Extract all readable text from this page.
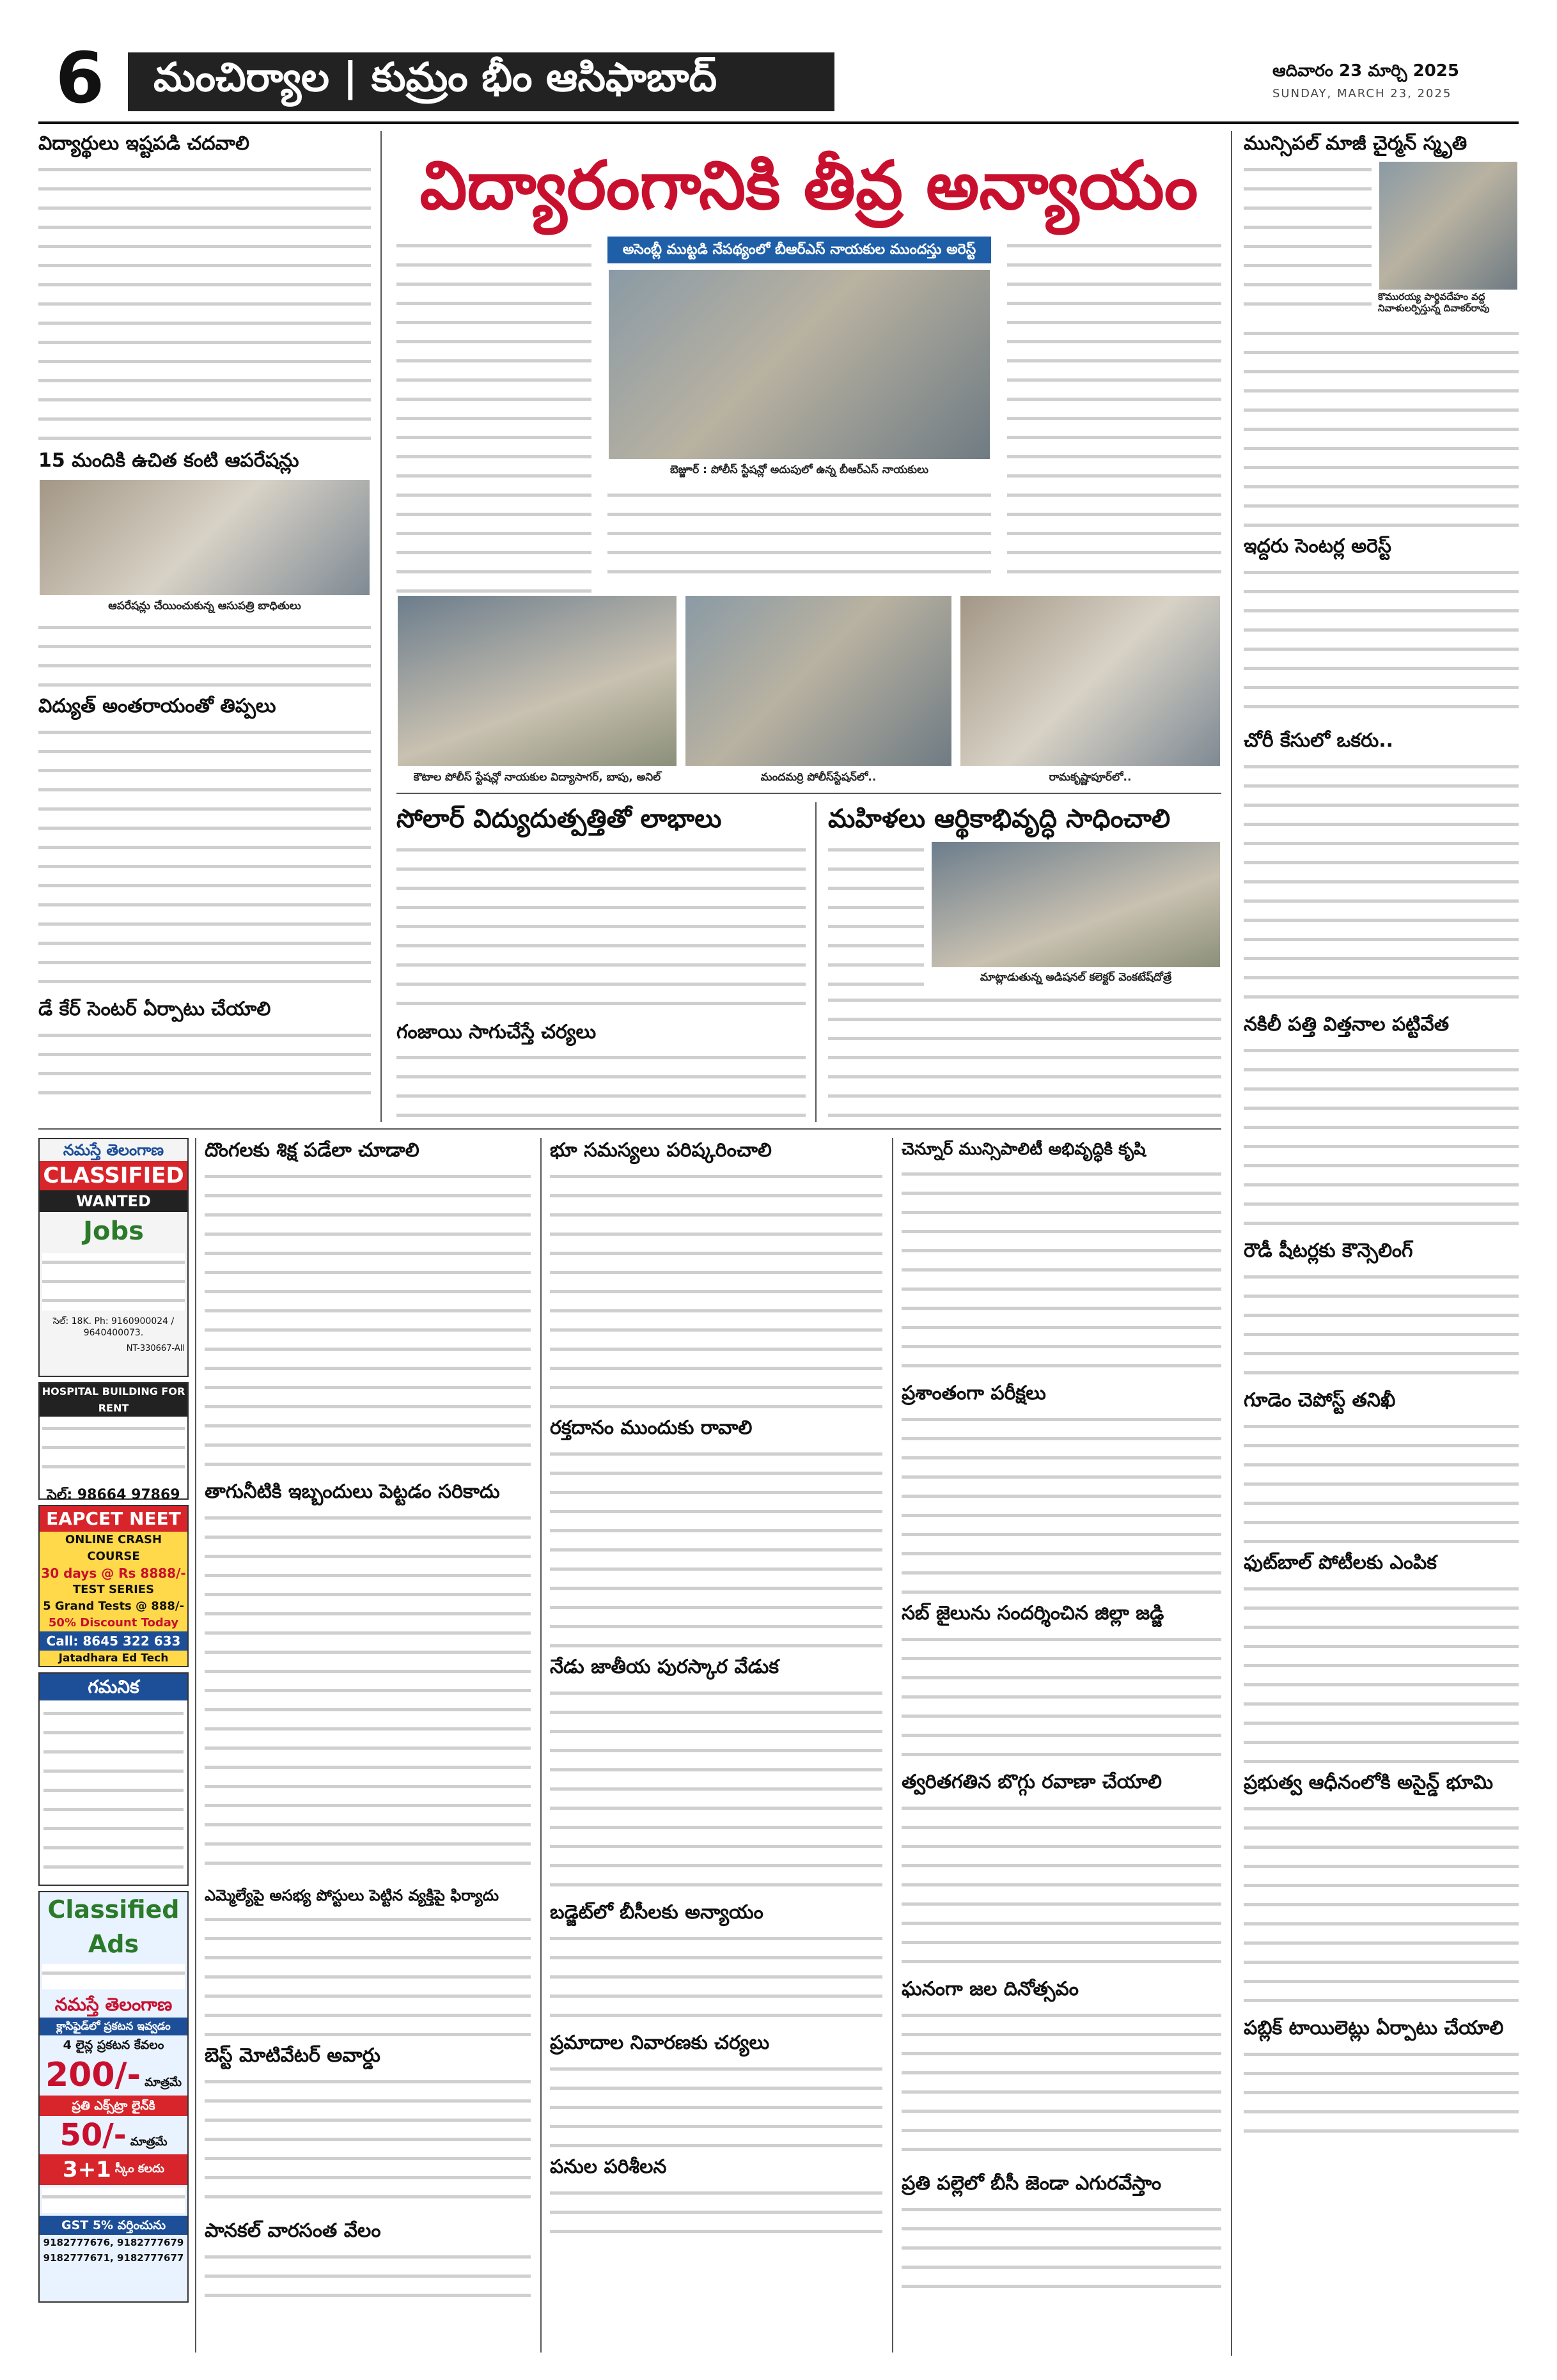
6	మంచిర్యాల | కుమ్రం భీం ఆసిఫాబాద్	ఆదివారం 23 మార్చి 2025
SUNDAY, MARCH 23, 2025
విద్యార్థులు ఇష్టపడి చదవాలి
15 మందికి ఉచిత కంటి ఆపరేషన్లు
ఆపరేషన్లు చేయించుకున్న ఆసుపత్రి బాధితులు
విద్యుత్ అంతరాయంతో తిప్పలు
డే కేర్ సెంటర్ ఏర్పాటు చేయాలి
విద్యారంగానికి తీవ్ర అన్యాయం
అసెంబ్లీ ముట్టడి నేపథ్యంలో బీఆర్ఎస్ నాయకుల ముందస్తు అరెస్ట్
బెజ్జూర్ : పోలీస్ స్టేషన్లో అదుపులో ఉన్న బీఆర్ఎస్ నాయకులు
కౌటాల పోలీస్ స్టేషన్లో నాయకుల విద్యాసాగర్, బాపు, అనిల్	మందమర్రి పోలీస్‌స్టేషన్‌లో..	రామకృష్ణాపూర్‌లో..
సోలార్ విద్యుదుత్పత్తితో లాభాలు
గంజాయి సాగుచేస్తే చర్యలు
మహిళలు ఆర్థికాభివృద్ధి సాధించాలి
మాట్లాడుతున్న అడిషనల్ కలెక్టర్ వెంకటేష్‌దోత్రే
మున్సిపల్ మాజీ చైర్మన్ స్మృతి
కొమురయ్య పార్థివదేహం వద్ద నివాళులర్పిస్తున్న దివాకర్‌రావు
ఇద్దరు సెంటర్ల అరెస్ట్
చోరీ కేసులో ఒకరు..
నకిలీ పత్తి విత్తనాల పట్టివేత
రౌడీ షీటర్లకు కౌన్సెలింగ్
గూడెం చెపోస్ట్ తనిఖీ
ఫుట్‌బాల్ పోటీలకు ఎంపిక
ప్రభుత్వ ఆధీనంలోకి అసైన్డ్ భూమి
పబ్లిక్ టాయిలెట్లు ఏర్పాటు చేయాలి
నమస్తే తెలంగాణ
CLASSIFIED
WANTED
Jobs
సెల్: 18K. Ph: 9160900024 / 9640400073.
NT-330667-All
HOSPITAL BUILDING FOR RENT
సెల్: 98664 97869
EAPCET NEET
ONLINE CRASH COURSE
30 days @ Rs 8888/-
TEST SERIES
5 Grand Tests @ 888/-
50% Discount Today
Call: 8645 322 633
Jatadhara Ed Tech
గమనిక
Classified Ads
నమస్తే తెలంగాణ
క్లాసిఫైడ్‌లో ప్రకటన ఇవ్వడం
4 లైన్ల ప్రకటన కేవలం
200/- మాత్రమే
ప్రతి ఎక్స్‌ట్రా లైన్‌కి
50/- మాత్రమే
3+1 స్కీం కలదు
GST 5% వర్తించును
9182777676, 9182777679
9182777671, 9182777677
దొంగలకు శిక్ష పడేలా చూడాలి
తాగునీటికి ఇబ్బందులు పెట్టడం సరికాదు
ఎమ్మెల్యేపై అసభ్య పోస్టులు పెట్టిన వ్యక్తిపై ఫిర్యాదు
బెస్ట్ మోటివేటర్ అవార్డు
పానకల్ వారసంత వేలం
భూ సమస్యలు పరిష్కరించాలి
రక్తదానం ముందుకు రావాలి
నేడు జాతీయ పురస్కార వేడుక
బడ్జెట్‌లో బీసీలకు అన్యాయం
ప్రమాదాల నివారణకు చర్యలు
పనుల పరిశీలన
చెన్నూర్ మున్సిపాలిటీ అభివృద్ధికి కృషి
ప్రశాంతంగా పరీక్షలు
సబ్ జైలును సందర్శించిన జిల్లా జడ్జి
త్వరితగతిన బొగ్గు రవాణా చేయాలి
ఘనంగా జల దినోత్సవం
ప్రతి పల్లెలో బీసీ జెండా ఎగురవేస్తాం
